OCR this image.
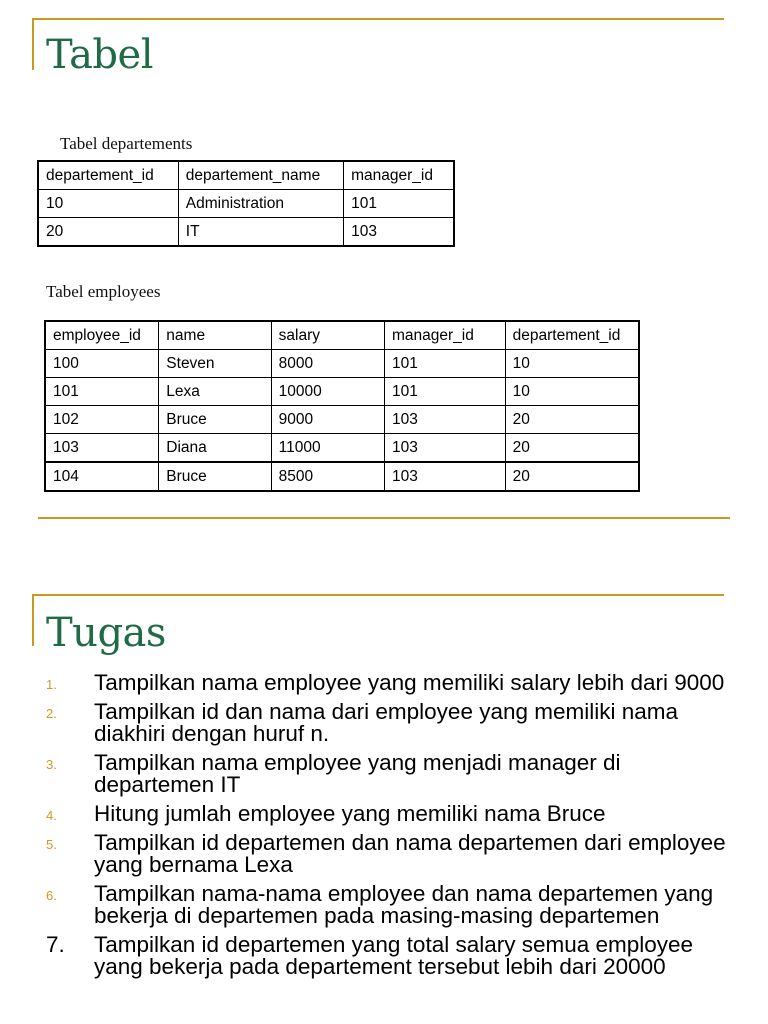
Tabel
Tabel departements
departement_id	departement_name	manager_id
10	Administration	101
20	IT	103
Tabel employees
employee_id	name	salary	manager_id	departement_id
100	Steven	8000	101	10
101	Lexa	10000	101	10
102	Bruce	9000	103	20
103	Diana	11000	103	20
104	Bruce	8500	103	20
Tugas
1. Tampilkan nama employee yang memiliki salary lebih dari 9000
2. Tampilkan id dan nama dari employee yang memiliki nama diakhiri dengan huruf n.
3. Tampilkan nama employee yang menjadi manager di departemen IT
4. Hitung jumlah employee yang memiliki nama Bruce
5. Tampilkan id departemen dan nama departemen dari employee yang bernama Lexa
6. Tampilkan nama-nama employee dan nama departemen yang bekerja di departemen pada masing-masing departemen
7. Tampilkan id departemen yang total salary semua employee yang bekerja pada departement tersebut lebih dari 20000
